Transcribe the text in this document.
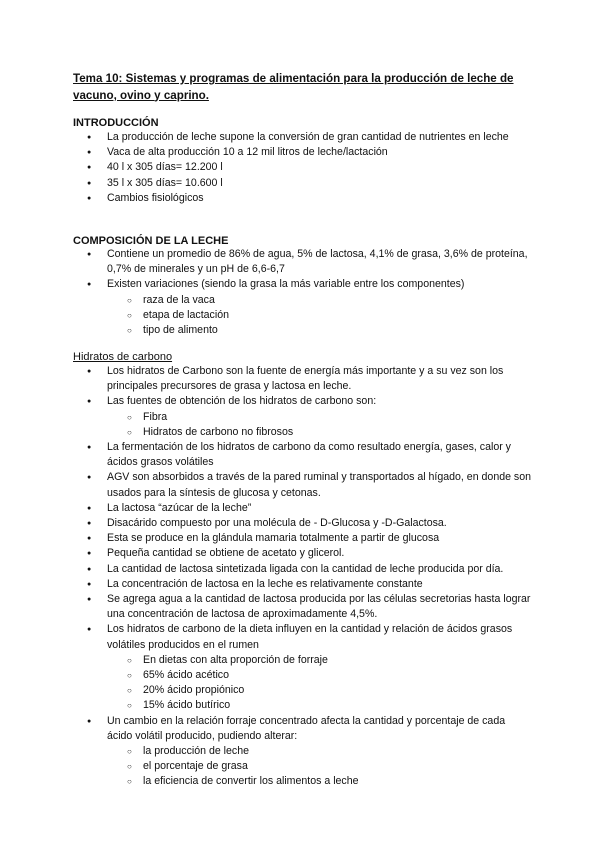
Tema 10: Sistemas y programas de alimentación para la producción de leche de vacuno, ovino y caprino.
INTRODUCCIÓN
● La producción de leche supone la conversión de gran cantidad de nutrientes en leche
● Vaca de alta producción 10 a 12 mil litros de leche/lactación
● 40 l x 305 días= 12.200 l
● 35 l x 305 días= 10.600 l
● Cambios fisiológicos
COMPOSICIÓN DE LA LECHE
● Contiene un promedio de 86% de agua, 5% de lactosa, 4,1% de grasa, 3,6% de proteína, 0,7% de minerales y un pH de 6,6-6,7
● Existen variaciones (siendo la grasa la más variable entre los componentes)
○ raza de la vaca
○ etapa de lactación
○ tipo de alimento
Hidratos de carbono
● Los hidratos de Carbono son la fuente de energía más importante y a su vez son los principales precursores de grasa y lactosa en leche.
● Las fuentes de obtención de los hidratos de carbono son:
○ Fibra
○ Hidratos de carbono no fibrosos
● La fermentación de los hidratos de carbono da como resultado energía, gases, calor y ácidos grasos volátiles
● AGV son absorbidos a través de la pared ruminal y transportados al hígado, en donde son usados para la síntesis de glucosa y cetonas.
● La lactosa “azúcar de la leche”
● Disacárido compuesto por una molécula de - D-Glucosa y -D-Galactosa.
● Esta se produce en la glándula mamaria totalmente a partir de glucosa
● Pequeña cantidad se obtiene de acetato y glicerol.
● La cantidad de lactosa sintetizada ligada con la cantidad de leche producida por día.
● La concentración de lactosa en la leche es relativamente constante
● Se agrega agua a la cantidad de lactosa producida por las células secretorias hasta lograr una concentración de lactosa de aproximadamente 4,5%.
● Los hidratos de carbono de la dieta influyen en la cantidad y relación de ácidos grasos volátiles producidos en el rumen
○ En dietas con alta proporción de forraje
○ 65% ácido acético
○ 20% ácido propiónico
○ 15% ácido butírico
● Un cambio en la relación forraje concentrado afecta la cantidad y porcentaje de cada ácido volátil producido, pudiendo alterar:
○ la producción de leche
○ el porcentaje de grasa
○ la eficiencia de convertir los alimentos a leche
